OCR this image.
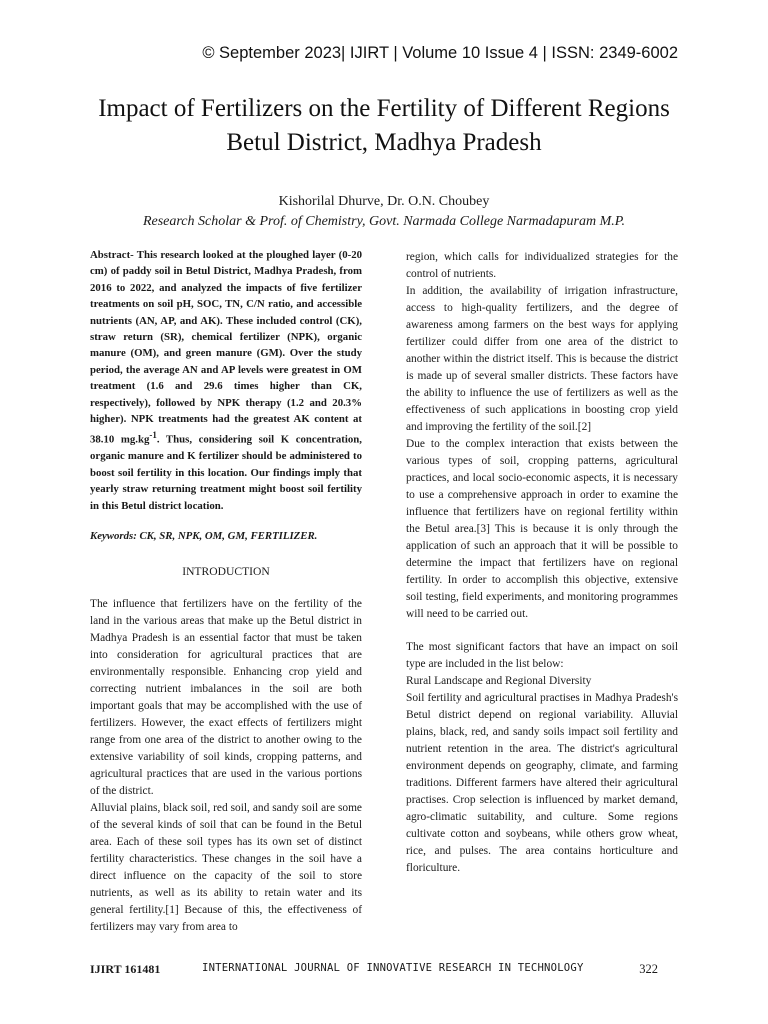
© September 2023| IJIRT | Volume 10 Issue 4 | ISSN: 2349-6002
Impact of Fertilizers on the Fertility of Different Regions
Betul District, Madhya Pradesh
Kishorilal Dhurve, Dr. O.N. Choubey
Research Scholar & Prof. of Chemistry, Govt. Narmada College Narmadapuram M.P.

Abstract- This research looked at the ploughed layer (0-20 cm) of paddy soil in Betul District, Madhya Pradesh, from 2016 to 2022, and analyzed the impacts of five fertilizer treatments on soil pH, SOC, TN, C/N ratio, and accessible nutrients (AN, AP, and AK). These included control (CK), straw return (SR), chemical fertilizer (NPK), organic manure (OM), and green manure (GM). Over the study period, the average AN and AP levels were greatest in OM treatment (1.6 and 29.6 times higher than CK, respectively), followed by NPK therapy (1.2 and 20.3% higher). NPK treatments had the greatest AK content at 38.10 $mg.kg^{-1}$. Thus, considering soil K concentration, organic manure and K fertilizer should be administered to boost soil fertility in this location. Our findings imply that yearly straw returning treatment might boost soil fertility in this Betul district location.

Keywords: CK, SR, NPK, OM, GM, FERTILIZER.

INTRODUCTION

The influence that fertilizers have on the fertility of the land in the various areas that make up the Betul district in Madhya Pradesh is an essential factor that must be taken into consideration for agricultural practices that are environmentally responsible. Enhancing crop yield and correcting nutrient imbalances in the soil are both important goals that may be accomplished with the use of fertilizers. However, the exact effects of fertilizers might range from one area of the district to another owing to the extensive variability of soil kinds, cropping patterns, and agricultural practices that are used in the various portions of the district.

Alluvial plains, black soil, red soil, and sandy soil are some of the several kinds of soil that can be found in the Betul area. Each of these soil types has its own set of distinct fertility characteristics. These changes in the soil have a direct influence on the capacity of the soil to store nutrients, as well as its ability to retain water and its general fertility.[1] Because of this, the effectiveness of fertilizers may vary from area to

region, which calls for individualized strategies for the control of nutrients.

In addition, the availability of irrigation infrastructure, access to high-quality fertilizers, and the degree of awareness among farmers on the best ways for applying fertilizer could differ from one area of the district to another within the district itself. This is because the district is made up of several smaller districts. These factors have the ability to influence the use of fertilizers as well as the effectiveness of such applications in boosting crop yield and improving the fertility of the soil.[2]

Due to the complex interaction that exists between the various types of soil, cropping patterns, agricultural practices, and local socio-economic aspects, it is necessary to use a comprehensive approach in order to examine the influence that fertilizers have on regional fertility within the Betul area.[3] This is because it is only through the application of such an approach that it will be possible to determine the impact that fertilizers have on regional fertility. In order to accomplish this objective, extensive soil testing, field experiments, and monitoring programmes will need to be carried out.

The most significant factors that have an impact on soil type are included in the list below:

Rural Landscape and Regional Diversity

Soil fertility and agricultural practises in Madhya Pradesh's Betul district depend on regional variability. Alluvial plains, black, red, and sandy soils impact soil fertility and nutrient retention in the area. The district's agricultural environment depends on geography, climate, and farming traditions. Different farmers have altered their agricultural practises. Crop selection is influenced by market demand, agro-climatic suitability, and culture. Some regions cultivate cotton and soybeans, while others grow wheat, rice, and pulses. The area contains horticulture and floriculture.

IJIRT 161481	INTERNATIONAL JOURNAL OF INNOVATIVE RESEARCH IN TECHNOLOGY	322
